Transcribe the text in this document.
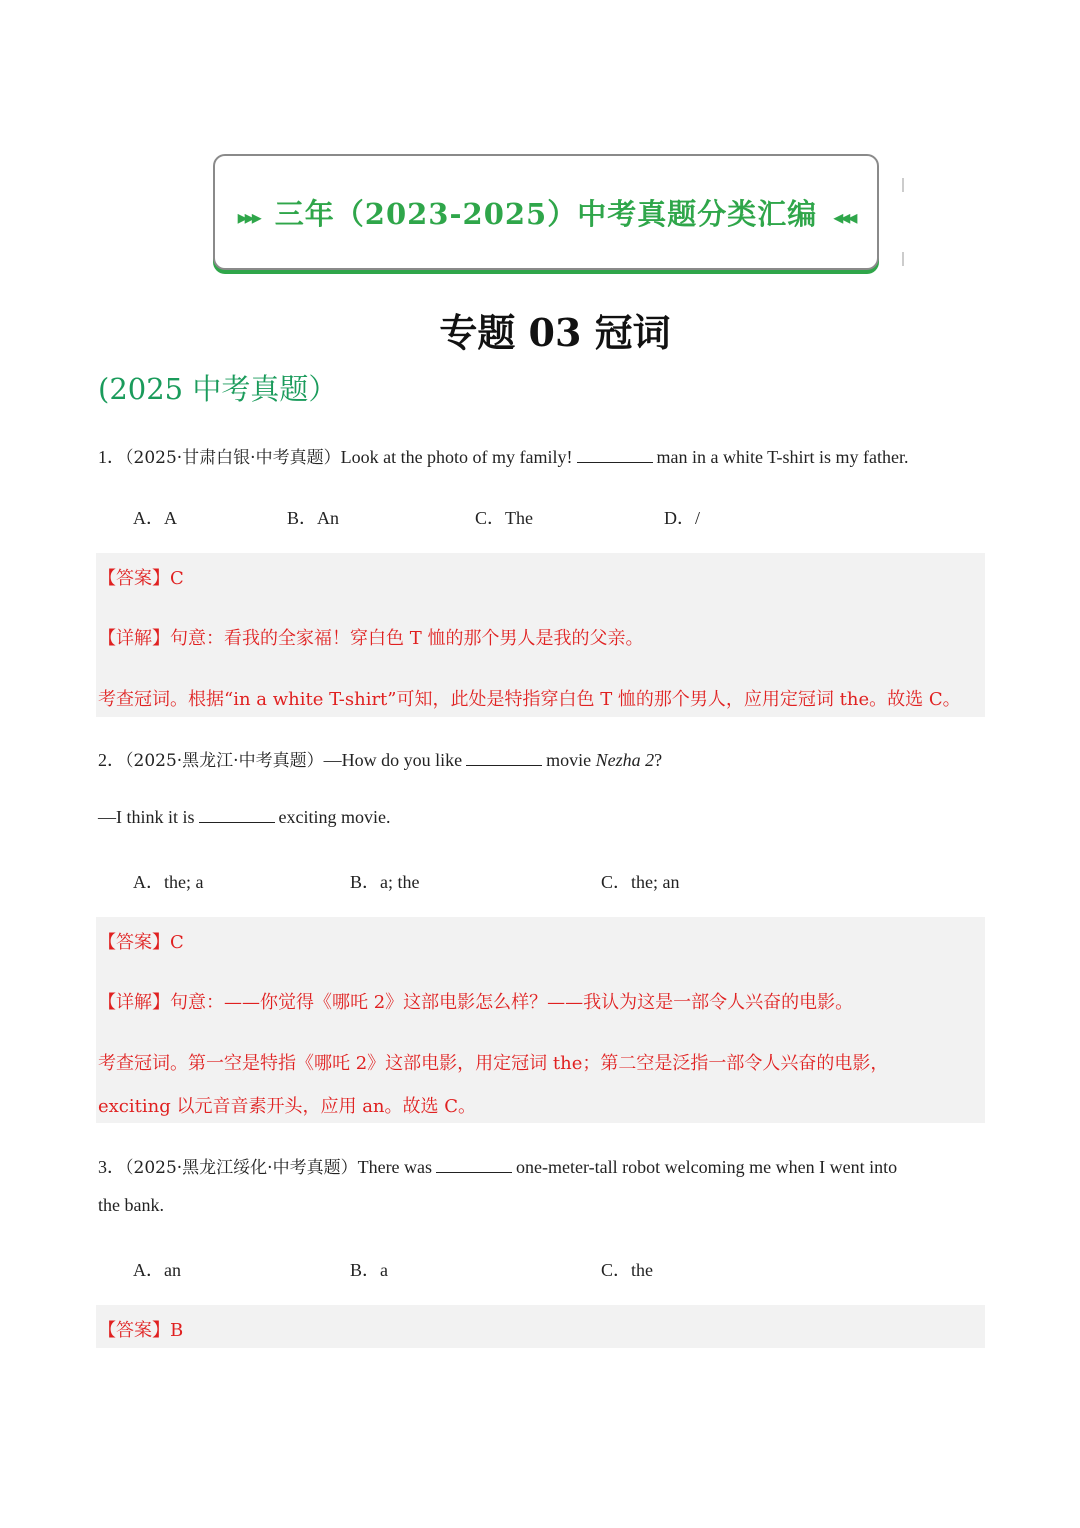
▸▸▸ 三年（2023-2025）中考真题分类汇编 ◂◂◂
专题 03 冠词
(2025 中考真题）
1．（2025·甘肃白银·中考真题）Look at the photo of my family!	man in a white T-shirt is my father.
A．A	B．An	C．The	D．/
【答案】C
【详解】句意：看我的全家福！穿白色 T 恤的那个男人是我的父亲。
考查冠词。根据“in a white T-shirt”可知，此处是特指穿白色 T 恤的那个男人，应用定冠词 the。故选 C。
2．（2025·黑龙江·中考真题）—How do you like	movie Nezha 2?
—I think it is	exciting movie.
A．the; a	B．a; the	C．the; an
【答案】C
【详解】句意：——你觉得《哪吒 2》这部电影怎么样？——我认为这是一部令人兴奋的电影。
考查冠词。第一空是特指《哪吒 2》这部电影，用定冠词 the；第二空是泛指一部令人兴奋的电影，
exciting 以元音音素开头，应用 an。故选 C。
3．（2025·黑龙江绥化·中考真题）There was	one-meter-tall robot welcoming me when I went into
the bank.
A．an	B．a	C．the
【答案】B
